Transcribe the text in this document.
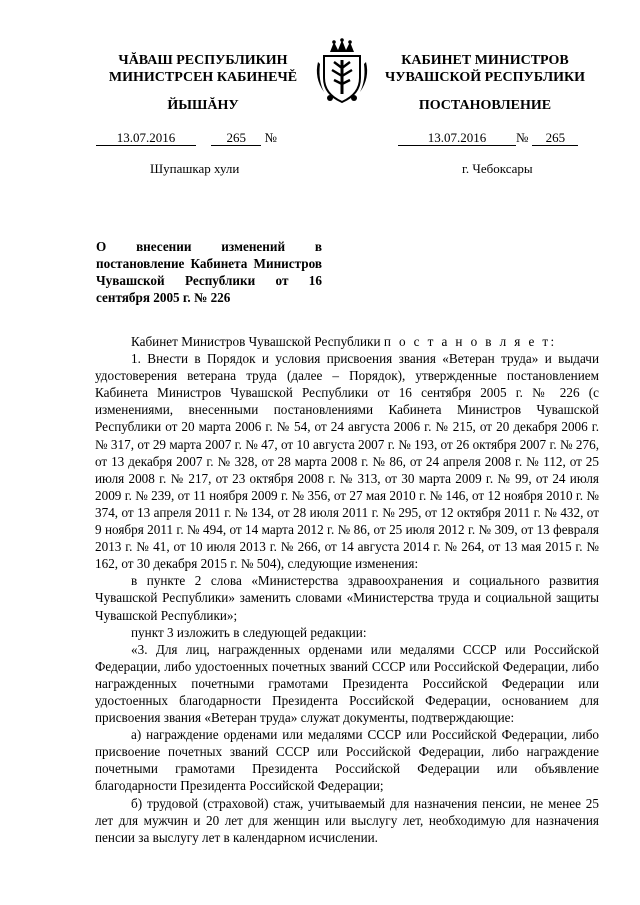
ЧĂВАШ РЕСПУБЛИКИН
МИНИСТРСЕН КАБИНЕЧĚ
ЙЫШĂНУ
КАБИНЕТ МИНИСТРОВ
ЧУВАШСКОЙ РЕСПУБЛИКИ
ПОСТАНОВЛЕНИЕ
13.07.2016	265 №	13.07.2016 № 265
Шупашкар хули	г. Чебоксары
О внесении изменений в постановление Кабинета Министров Чувашской Республики от 16 сентября 2005 г. № 226

Кабинет Министров Чувашской Республики п о с т а н о в л я е т:

1. Внести в Порядок и условия присвоения звания «Ветеран труда» и выдачи удостоверения ветерана труда (далее – Порядок), утвержденные постановлением Кабинета Министров Чувашской Республики от 16 сентября 2005 г. № 226 (с изменениями, внесенными постановлениями Кабинета Министров Чувашской Республики от 20 марта 2006 г. № 54, от 24 августа 2006 г. № 215, от 20 декабря 2006 г. № 317, от 29 марта 2007 г. № 47, от 10 августа 2007 г. № 193, от 26 октября 2007 г. № 276, от 13 декабря 2007 г. № 328, от 28 марта 2008 г. № 86, от 24 апреля 2008 г. № 112, от 25 июля 2008 г. № 217, от 23 октября 2008 г. № 313, от 30 марта 2009 г. № 99, от 24 июля 2009 г. № 239, от 11 ноября 2009 г. № 356, от 27 мая 2010 г. № 146, от 12 ноября 2010 г. № 374, от 13 апреля 2011 г. № 134, от 28 июля 2011 г. № 295, от 12 октября 2011 г. № 432, от 9 ноября 2011 г. № 494, от 14 марта 2012 г. № 86, от 25 июля 2012 г. № 309, от 13 февраля 2013 г. № 41, от 10 июля 2013 г. № 266, от 14 августа 2014 г. № 264, от 13 мая 2015 г. № 162, от 30 декабря 2015 г. № 504), следующие изменения:

в пункте 2 слова «Министерства здравоохранения и социального развития Чувашской Республики» заменить словами «Министерства труда и социальной защиты Чувашской Республики»;

пункт 3 изложить в следующей редакции:

«3. Для лиц, награжденных орденами или медалями СССР или Российской Федерации, либо удостоенных почетных званий СССР или Российской Федерации, либо награжденных почетными грамотами Президента Российской Федерации или удостоенных благодарности Президента Российской Федерации, основанием для присвоения звания «Ветеран труда» служат документы, подтверждающие:

а) награждение орденами или медалями СССР или Российской Федерации, либо присвоение почетных званий СССР или Российской Федерации, либо награждение почетными грамотами Президента Российской Федерации или объявление благодарности Президента Российской Федерации;

б) трудовой (страховой) стаж, учитываемый для назначения пенсии, не менее 25 лет для мужчин и 20 лет для женщин или выслугу лет, необходимую для назначения пенсии за выслугу лет в календарном исчислении.
